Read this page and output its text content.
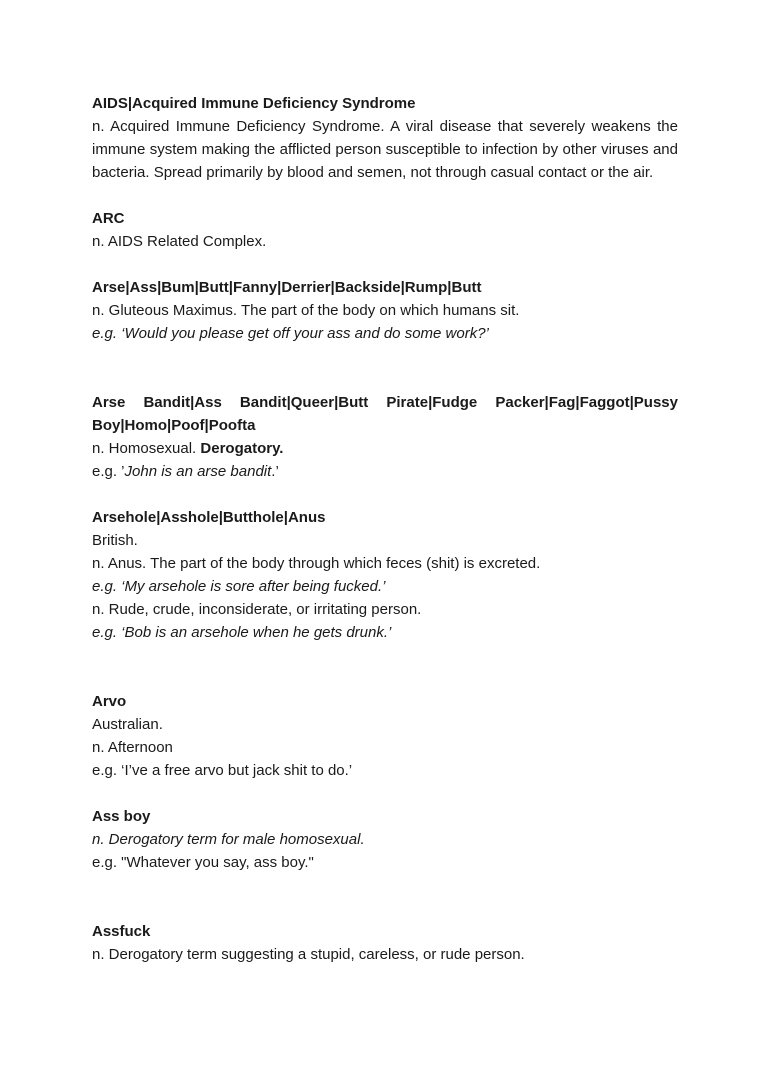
AIDS|Acquired Immune Deficiency Syndrome

n. Acquired Immune Deficiency Syndrome. A viral disease that severely weakens the immune system making the afflicted person susceptible to infection by other viruses and bacteria. Spread primarily by blood and semen, not through casual contact or the air.

ARC

n. AIDS Related Complex.

Arse|Ass|Bum|Butt|Fanny|Derrier|Backside|Rump|Butt

n. Gluteous Maximus. The part of the body on which humans sit.

e.g. ‘Would you please get off your ass and do some work?’

Arse Bandit|Ass Bandit|Queer|Butt Pirate|Fudge Packer|Fag|Faggot|Pussy

Boy|Homo|Poof|Poofta

n. Homosexual. Derogatory.

e.g. ’John is an arse bandit.’

Arsehole|Asshole|Butthole|Anus

British.

n. Anus. The part of the body through which feces (shit) is excreted.

e.g. ‘My arsehole is sore after being fucked.’

n. Rude, crude, inconsiderate, or irritating person.

e.g. ‘Bob is an arsehole when he gets drunk.’

Arvo

Australian.

n. Afternoon

e.g. ‘I’ve a free arvo but jack shit to do.’

Ass boy

n. Derogatory term for male homosexual.

e.g. "Whatever you say, ass boy."

Assfuck

n. Derogatory term suggesting a stupid, careless, or rude person.
